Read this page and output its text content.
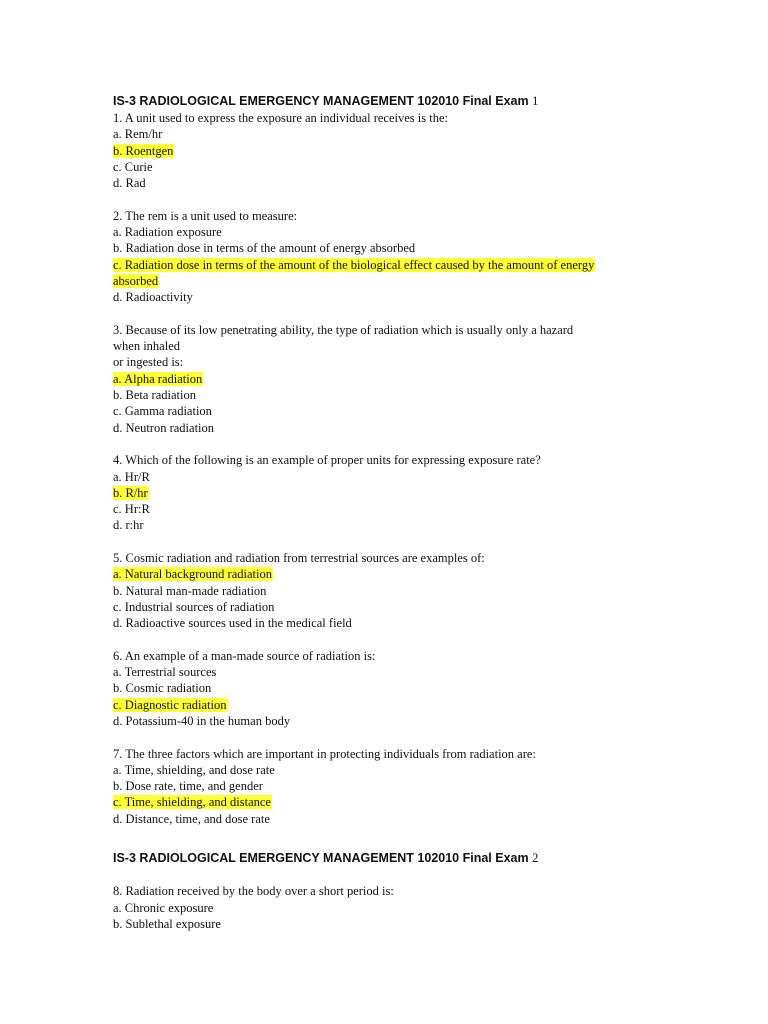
IS-3 RADIOLOGICAL EMERGENCY MANAGEMENT 102010 Final Exam 1
1. A unit used to express the exposure an individual receives is the:
a. Rem/hr
b. Roentgen
c. Curie
d. Rad
2. The rem is a unit used to measure:
a. Radiation exposure
b. Radiation dose in terms of the amount of energy absorbed
c. Radiation dose in terms of the amount of the biological effect caused by the amount of energy
absorbed
d. Radioactivity
3. Because of its low penetrating ability, the type of radiation which is usually only a hazard
when inhaled
or ingested is:
a. Alpha radiation
b. Beta radiation
c. Gamma radiation
d. Neutron radiation
4. Which of the following is an example of proper units for expressing exposure rate?
a. Hr/R
b. R/hr
c. Hr:R
d. r:hr
5. Cosmic radiation and radiation from terrestrial sources are examples of:
a. Natural background radiation
b. Natural man-made radiation
c. Industrial sources of radiation
d. Radioactive sources used in the medical field
6. An example of a man-made source of radiation is:
a. Terrestrial sources
b. Cosmic radiation
c. Diagnostic radiation
d. Potassium-40 in the human body
7. The three factors which are important in protecting individuals from radiation are:
a. Time, shielding, and dose rate
b. Dose rate, time, and gender
c. Time, shielding, and distance
d. Distance, time, and dose rate
IS-3 RADIOLOGICAL EMERGENCY MANAGEMENT 102010 Final Exam 2
8. Radiation received by the body over a short period is:
a. Chronic exposure
b. Sublethal exposure
